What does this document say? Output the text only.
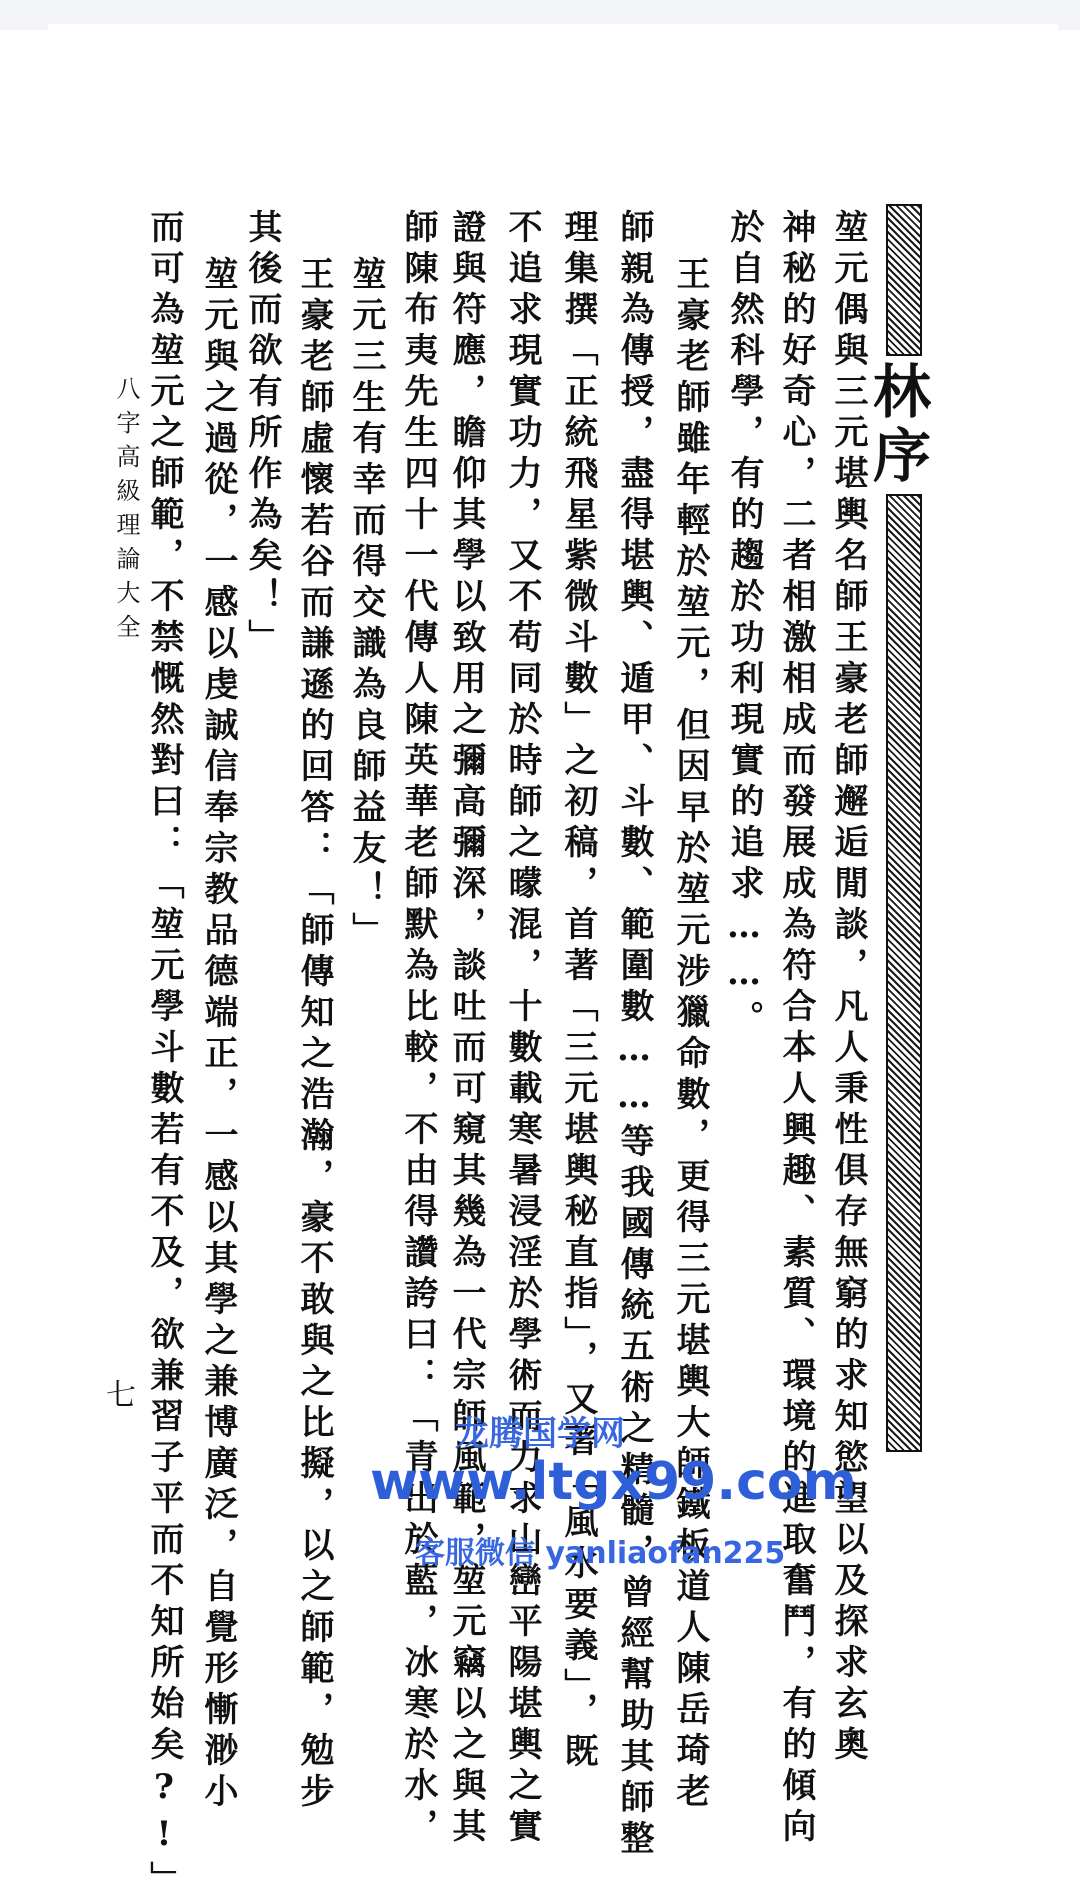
林
序
堃元偶與三元堪輿名師王豪老師邂逅閒談，凡人秉性俱存無窮的求知慾望以及探求玄奧
神秘的好奇心，二者相激相成而發展成為符合本人興趣、素質、環境的進取奮鬥，有的傾向
於自然科學，有的趨於功利現實的追求……。
王豪老師雖年輕於堃元，但因早於堃元涉獵命數，更得三元堪輿大師鐵板道人陳岳琦老
師親為傳授，盡得堪輿、遁甲、斗數、範圍數……等我國傳統五術之精髓，曾經幫助其師整
理集撰「正統飛星紫微斗數」之初稿，首著「三元堪輿秘直指」，又著「風水要義」，既
不追求現實功力，又不苟同於時師之曚混，十數載寒暑浸淫於學術而力求山巒平陽堪輿之實
證與符應，瞻仰其學以致用之彌高彌深，談吐而可窺其幾為一代宗師風範，堃元竊以之與其
師陳布夷先生四十一代傳人陳英華老師默為比較，不由得讚誇曰：「青出於藍，冰寒於水，
堃元三生有幸而得交識為良師益友！」
王豪老師虛懷若谷而謙遜的回答：「師傳知之浩瀚，豪不敢與之比擬，以之師範，勉步
其後而欲有所作為矣！」
堃元與之過從，一感以虔誠信奉宗教品德端正，一感以其學之兼博廣泛，自覺形慚渺小
而可為堃元之師範，不禁慨然對曰：「堃元學斗數若有不及，欲兼習子平而不知所始矣?!」
八字高級理論大全
七
龙腾国学网
www.ltgx99.com
客服微信 yanliaofan225
